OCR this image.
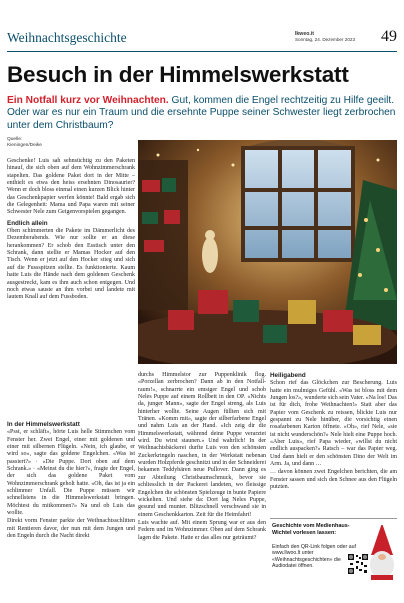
Weihnachtsgeschichte	Ikweo.it
Sonntag, 24. Dezember 2023 49
Besuch in der Himmelswerkstatt
Ein Notfall kurz vor Weihnachten. Gut, kommen die Engel rechtzeitig zu Hilfe geeilt. Oder war es nur ein Traum und die ersehnte Puppe seiner Schwester liegt zerbrochen unter dem Christbaum?
Quelle:
Kieningen/Deike

Geschenke! Luis sah sehnsüchtig zu den Paketen hinauf, die sich oben auf dem Wohnzimmerschrank stapelten. Das goldene Paket dort in der Mitte – enthielt es etwa den heiss ersehnten Dinosaurier? Wenn er doch bloss einmal einen kurzen Blick hinter das Geschenkpapier werfen könnte! Bald ergab sich die Gelegenheit: Mama und Papa waren mit seiner Schwester Nele zum Geigenvorspielen gegangen.

Endlich allein

Oben schimmerten die Pakete im Dämmerlicht des Dezemberabends. Wie nur sollte er an diese herankommen? Er schob den Esstisch unter den Schrank, dann stellte er Mamas Hocker auf den Tisch. Wenn er jetzt auf den Hocker stieg und sich auf die Fussspitzen stellte. Es funktionierte. Kaum hatte Luis die Hände nach dem goldenen Geschenk ausgestreckt, kam es ihm auch schon entgegen. Und noch etwas sauste an ihm vorbei und landete mit lautem Knall auf dem Fussboden.

In der Himmelswerkstatt

«Psst, er schläft», hörte Luis helle Stimmchen vom Fenster her. Zwei Engel, einer mit goldenen und einer mit silbernen Flügeln. «Nein, ich glaube, er wird so», sagte das goldene Engelchen. «Was ist passiert?» · «Die Puppe. Dort oben auf dem Schrank.» · «Meinst du die hier?», fragte der Engel, der sich das goldene Paket vom Wohnzimmerschrank geholt hatte. «Oh, das ist ja ein schlimmer Unfall. Die Puppe müssen wir schnellstens in die Himmelswerkstatt bringen. Möchtest du mitkommen?» Na und ob Luis das wollte.

Direkt vorm Fenster parkte der Weihnachtsschlitten mit Rentieren davor, der nun mit dem Jungen und den Engeln durch die Nacht direkt

durchs Himmelstor zur Puppenklinik flog. «Porzellan zerbrochen? Dann ab in den Notfall-raum!», schnarrte ein emsiger Engel und schob Neles Puppe auf einem Rollbett in den OP. «Nichts da, junger Mann», sagte der Engel streng, als Luis hinterher wollte. Seine Augen füllten sich mit Tränen. «Komm mit», sagte der silberfarbene Engel und nahm Luis an der Hand. «Ich zeig dir die Himmelswerkstatt, während deine Puppe verarztet wird. Du wirst staunen.» Und wahrlich! In der Weihnachtsbäckerei durfte Luis von den schönsten Zuckerkringeln naschen, in der Werkstatt nebenan wurden Holzpferde geschnitzt und in der Schneiderei bekamen Teddybären neue Pullover. Dann ging es zur Abteilung Christbaumschmuck, bevor sie schliesslich in der Packerei landeten, wo fleissige Engelchen die schönsten Spielzeuge in bunte Papiere wickelten. Und siehe da: Dort lag Neles Puppe, gesund und munter. Blitzschnell verschwand sie in einem Geschenkkarton. Zeit für die Heimfahrt!

Luis wachte auf. Mit einem Sprung war er aus den Federn und im Wohnzimmer. Oben auf dem Schrank lagen die Pakete. Hatte er das alles nur geträumt?

Heiligabend

Schon rief das Glöckchen zur Bescherung. Luis hatte ein mulmiges Gefühl. «Was ist bloss mit dem Jungen los?», wunderte sich sein Vater. «Na los! Das ist für dich, frohe Weihnachten!» Statt aber das Papier vom Geschenk zu reissen, blickte Luis nur gespannt zu Nele hinüber, die vorsichtig einen rosafarbenen Karton öffnete. «Oh», rief Nele, «sie ist nicht wunderschön?» Nele hielt eine Puppe hoch. «Aber Luis», rief Papa wieder, «willst du nicht endlich auspacken?» Ratsch – war das Papier weg. Und dann hielt er den schönsten Dino der Welt im Arm. Ja, und dann …

… davon können zwei Engelchen berichten, die am Fenster sassen und sich den Schnee aus den Flügeln putzten.

Geschichte vom Medienhaus-Wichtel vorlesen lassen:
Einfach den QR-Link folgen oder auf www.llwoo.lt unter «Weihnachtsgeschichten» die Audiodatei öffnen.
